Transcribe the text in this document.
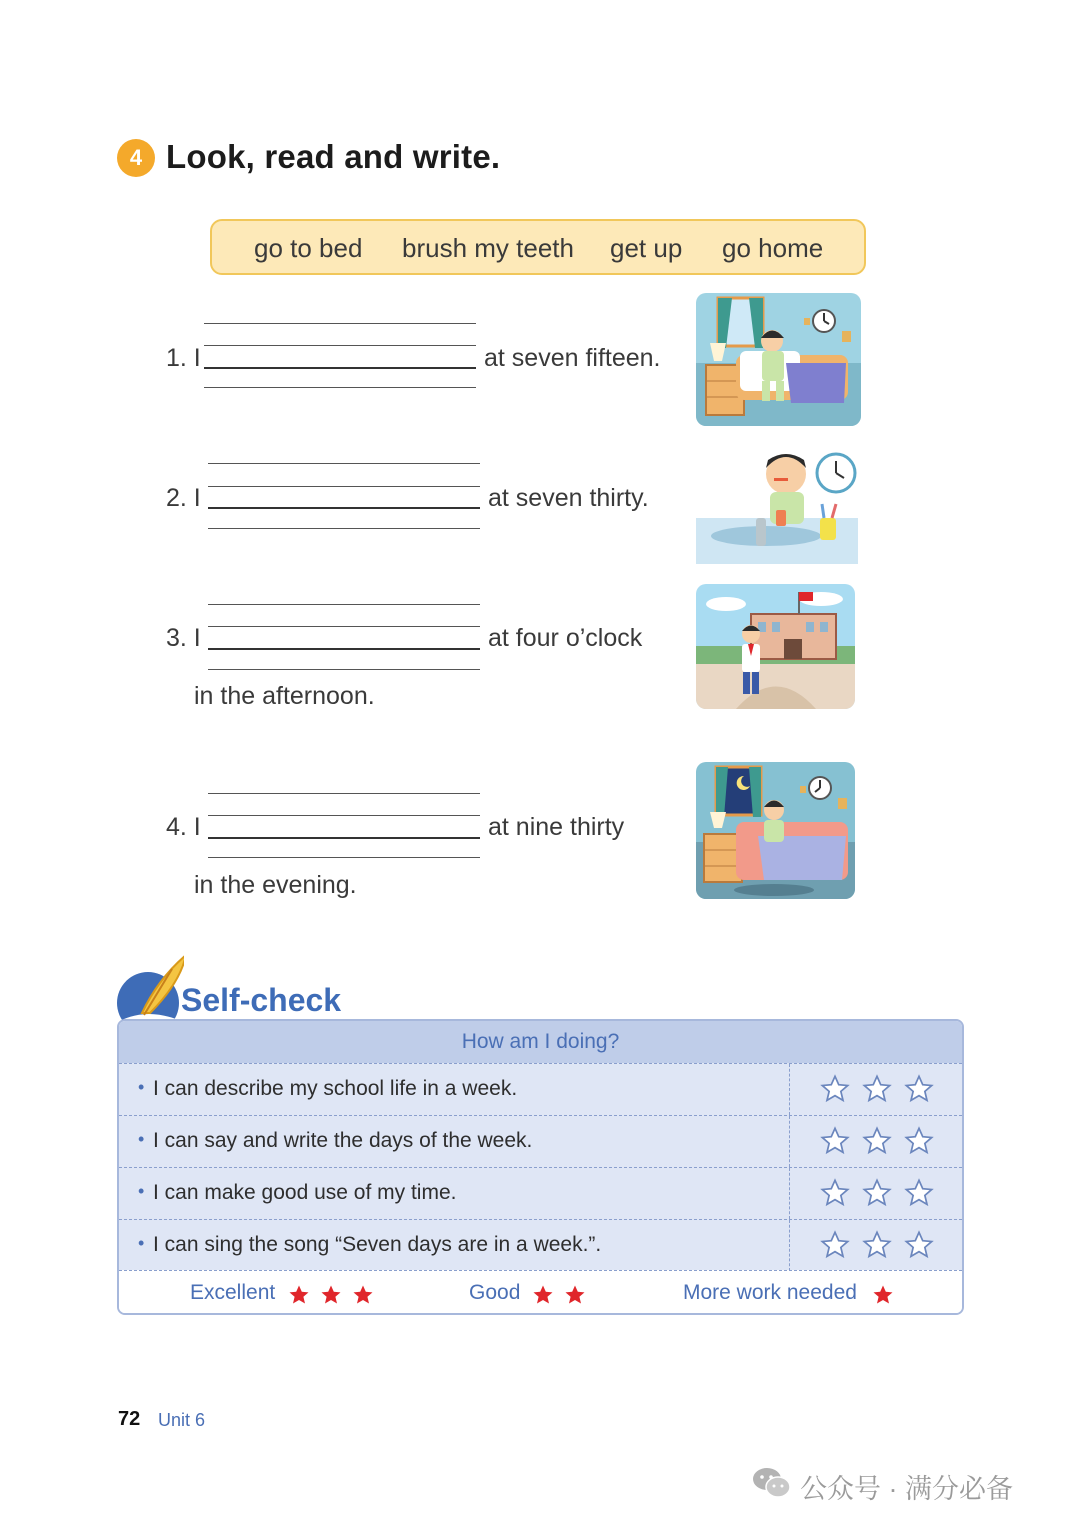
4 Look, read and write.
go to bed brush my teeth get up go home
1. I	at seven fifteen.
2. I	at seven thirty.
3. I	at four o’clock
in the afternoon.
4. I	at nine thirty
in the evening.
Self-check
How am I doing?
• I can describe my school life in a week.
• I can say and write the days of the week.
• I can make good use of my time.
• I can sing the song “Seven days are in a week.”.
Excellent	Good	More work needed
72 Unit 6
公众号 · 满分必备
